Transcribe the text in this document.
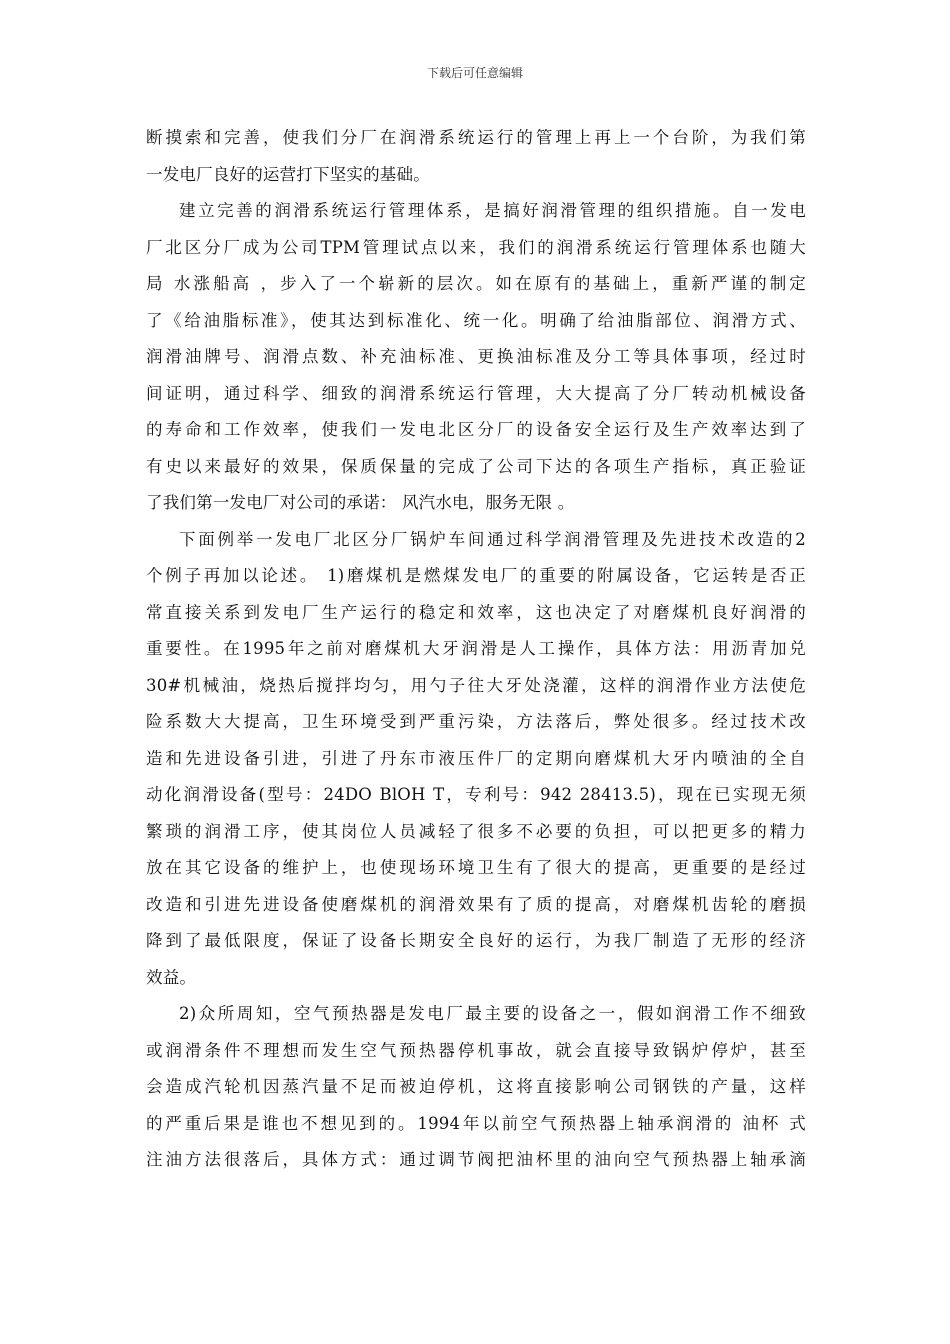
下载后可任意编辑
断摸索和完善，使我们分厂在润滑系统运行的管理上再上一个台阶，为我们第
一发电厂良好的运营打下坚实的基础。
建立完善的润滑系统运行管理体系，是搞好润滑管理的组织措施。自一发电
厂北区分厂成为公司TPM管理试点以来，我们的润滑系统运行管理体系也随大
局 水涨船高 ，步入了一个崭新的层次。如在原有的基础上，重新严谨的制定
了《给油脂标准》，使其达到标准化、统一化。明确了给油脂部位、润滑方式、
润滑油牌号、润滑点数、补充油标准、更换油标准及分工等具体事项，经过时
间证明，通过科学、细致的润滑系统运行管理，大大提高了分厂转动机械设备
的寿命和工作效率，使我们一发电北区分厂的设备安全运行及生产效率达到了
有史以来最好的效果，保质保量的完成了公司下达的各项生产指标，真正验证
了我们第一发电厂对公司的承诺： 风汽水电，服务无限 。
下面例举一发电厂北区分厂锅炉车间通过科学润滑管理及先进技术改造的2
个例子再加以论述。 1)磨煤机是燃煤发电厂的重要的附属设备，它运转是否正
常直接关系到发电厂生产运行的稳定和效率，这也决定了对磨煤机良好润滑的
重要性。在1995年之前对磨煤机大牙润滑是人工操作，具体方法：用沥青加兑
30#机械油，烧热后搅拌均匀，用勺子往大牙处浇灌，这样的润滑作业方法使危
险系数大大提高，卫生环境受到严重污染，方法落后，弊处很多。经过技术改
造和先进设备引进，引进了丹东市液压件厂的定期向磨煤机大牙内喷油的全自
动化润滑设备(型号：24DO BlOH T，专利号：942 28413.5)，现在已实现无须
繁琐的润滑工序，使其岗位人员减轻了很多不必要的负担，可以把更多的精力
放在其它设备的维护上，也使现场环境卫生有了很大的提高，更重要的是经过
改造和引进先进设备使磨煤机的润滑效果有了质的提高，对磨煤机齿轮的磨损
降到了最低限度，保证了设备长期安全良好的运行，为我厂制造了无形的经济
效益。
2)众所周知，空气预热器是发电厂最主要的设备之一，假如润滑工作不细致
或润滑条件不理想而发生空气预热器停机事故，就会直接导致锅炉停炉，甚至
会造成汽轮机因蒸汽量不足而被迫停机，这将直接影响公司钢铁的产量，这样
的严重后果是谁也不想见到的。1994年以前空气预热器上轴承润滑的 油杯 式
注油方法很落后，具体方式：通过调节阀把油杯里的油向空气预热器上轴承滴
